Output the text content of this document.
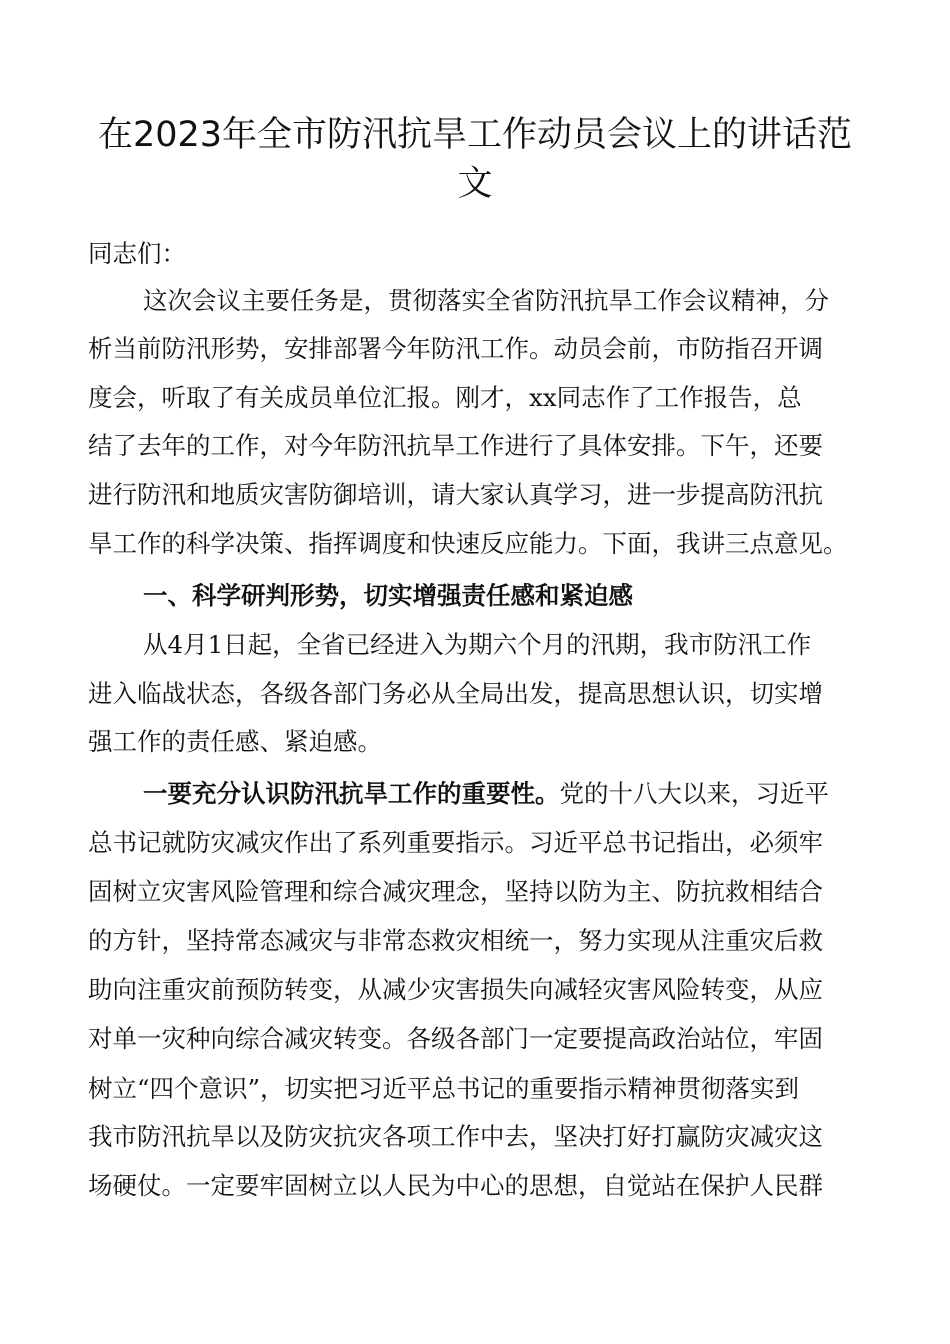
在2023年全市防汛抗旱工作动员会议上的讲话范

文

同志们：

这次会议主要任务是，贯彻落实全省防汛抗旱工作会议精神，分

析当前防汛形势，安排部署今年防汛工作。动员会前，市防指召开调

度会，听取了有关成员单位汇报。刚才，xx同志作了工作报告，总

结了去年的工作，对今年防汛抗旱工作进行了具体安排。下午，还要

进行防汛和地质灾害防御培训，请大家认真学习，进一步提高防汛抗

旱工作的科学决策、指挥调度和快速反应能力。下面，我讲三点意见。

一、科学研判形势，切实增强责任感和紧迫感

从4月1日起，全省已经进入为期六个月的汛期，我市防汛工作

进入临战状态，各级各部门务必从全局出发，提高思想认识，切实增

强工作的责任感、紧迫感。

一要充分认识防汛抗旱工作的重要性。党的十八大以来，习近平

总书记就防灾减灾作出了系列重要指示。习近平总书记指出，必须牢

固树立灾害风险管理和综合减灾理念，坚持以防为主、防抗救相结合

的方针，坚持常态减灾与非常态救灾相统一，努力实现从注重灾后救

助向注重灾前预防转变，从减少灾害损失向减轻灾害风险转变，从应

对单一灾种向综合减灾转变。各级各部门一定要提高政治站位，牢固

树立“四个意识”，切实把习近平总书记的重要指示精神贯彻落实到

我市防汛抗旱以及防灾抗灾各项工作中去，坚决打好打赢防灾减灾这

场硬仗。一定要牢固树立以人民为中心的思想，自觉站在保护人民群
